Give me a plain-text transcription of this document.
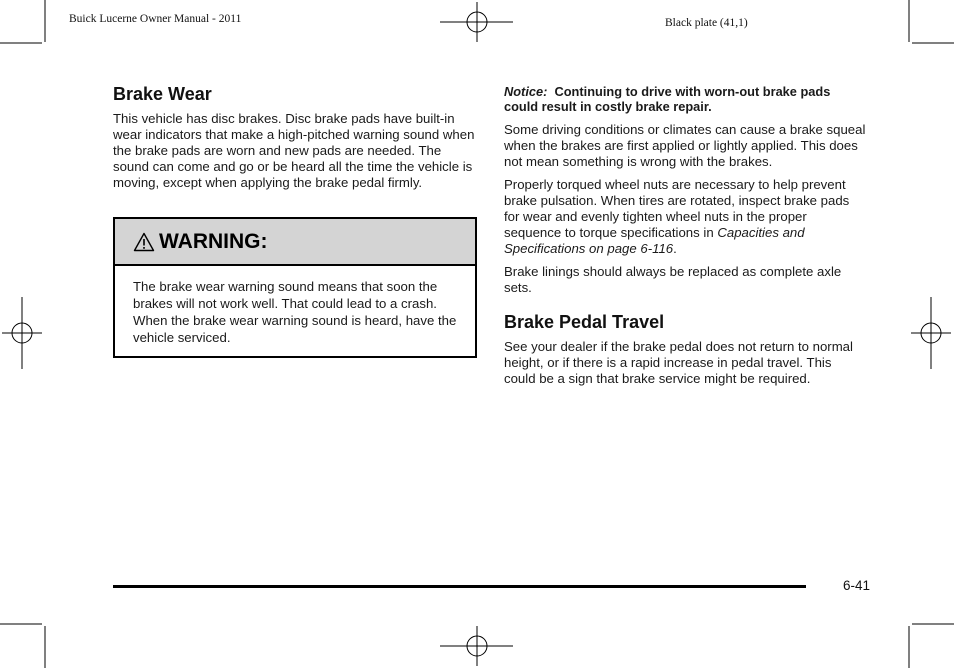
Buick Lucerne Owner Manual - 2011	Black plate (41,1)
Brake Wear

This vehicle has disc brakes. Disc brake pads have built-in wear indicators that make a high-pitched warning sound when the brake pads are worn and new pads are needed. The sound can come and go or be heard all the time the vehicle is moving, except when applying the brake pedal firmly.

WARNING:

The brake wear warning sound means that soon the brakes will not work well. That could lead to a crash. When the brake wear warning sound is heard, have the vehicle serviced.

Notice: Continuing to drive with worn-out brake pads could result in costly brake repair.

Some driving conditions or climates can cause a brake squeal when the brakes are first applied or lightly applied. This does not mean something is wrong with the brakes.

Properly torqued wheel nuts are necessary to help prevent brake pulsation. When tires are rotated, inspect brake pads for wear and evenly tighten wheel nuts in the proper sequence to torque specifications in Capacities and Specifications on page 6-116.

Brake linings should always be replaced as complete axle sets.

Brake Pedal Travel

See your dealer if the brake pedal does not return to normal height, or if there is a rapid increase in pedal travel. This could be a sign that brake service might be required.

6-41
